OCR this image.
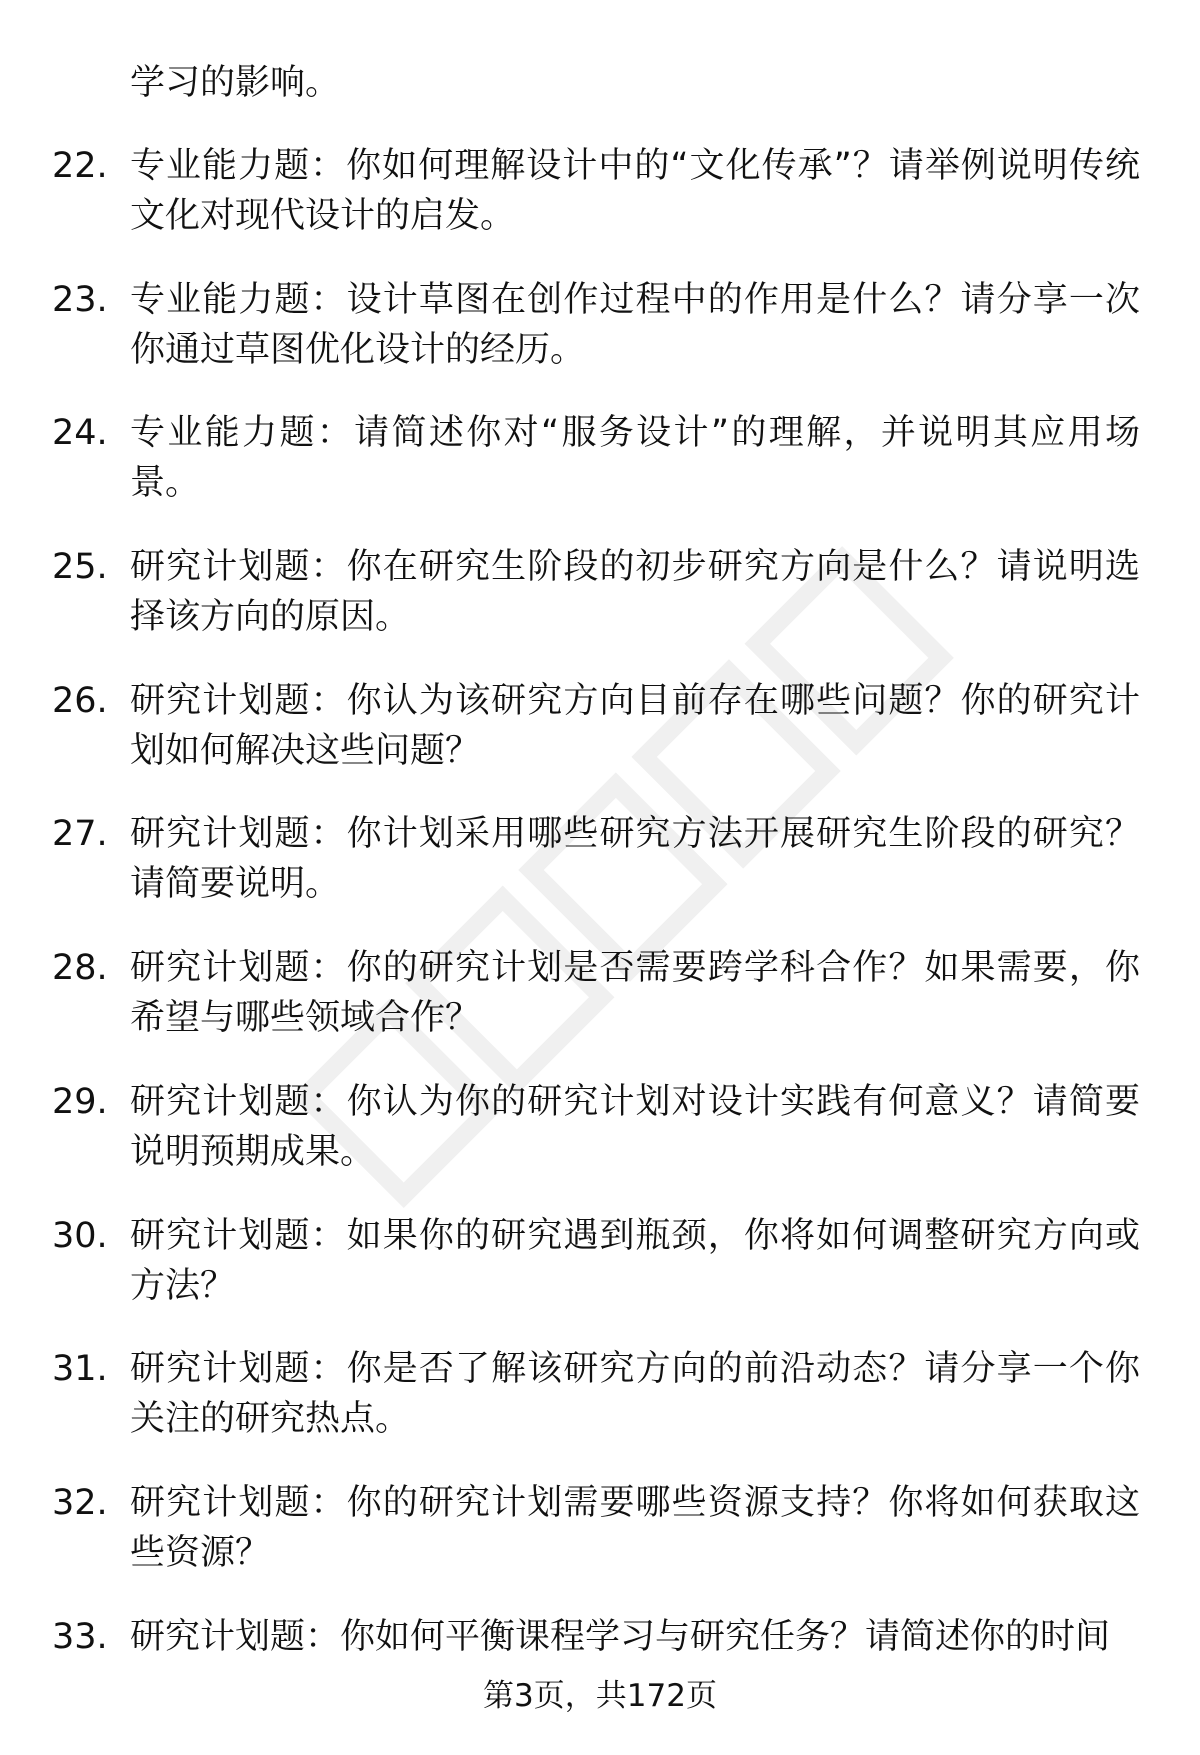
学习的影响。
22. 专业能力题：你如何理解设计中的“文化传承”？请举例说明传统文化对现代设计的启发。
23. 专业能力题：设计草图在创作过程中的作用是什么？请分享一次你通过草图优化设计的经历。
24. 专业能力题：请简述你对“服务设计”的理解，并说明其应用场景。
25. 研究计划题：你在研究生阶段的初步研究方向是什么？请说明选择该方向的原因。
26. 研究计划题：你认为该研究方向目前存在哪些问题？你的研究计划如何解决这些问题？
27. 研究计划题：你计划采用哪些研究方法开展研究生阶段的研究？请简要说明。
28. 研究计划题：你的研究计划是否需要跨学科合作？如果需要，你希望与哪些领域合作？
29. 研究计划题：你认为你的研究计划对设计实践有何意义？请简要说明预期成果。
30. 研究计划题：如果你的研究遇到瓶颈，你将如何调整研究方向或方法？
31. 研究计划题：你是否了解该研究方向的前沿动态？请分享一个你关注的研究热点。
32. 研究计划题：你的研究计划需要哪些资源支持？你将如何获取这些资源？
33. 研究计划题：你如何平衡课程学习与研究任务？请简述你的时间
第3页，共172页
